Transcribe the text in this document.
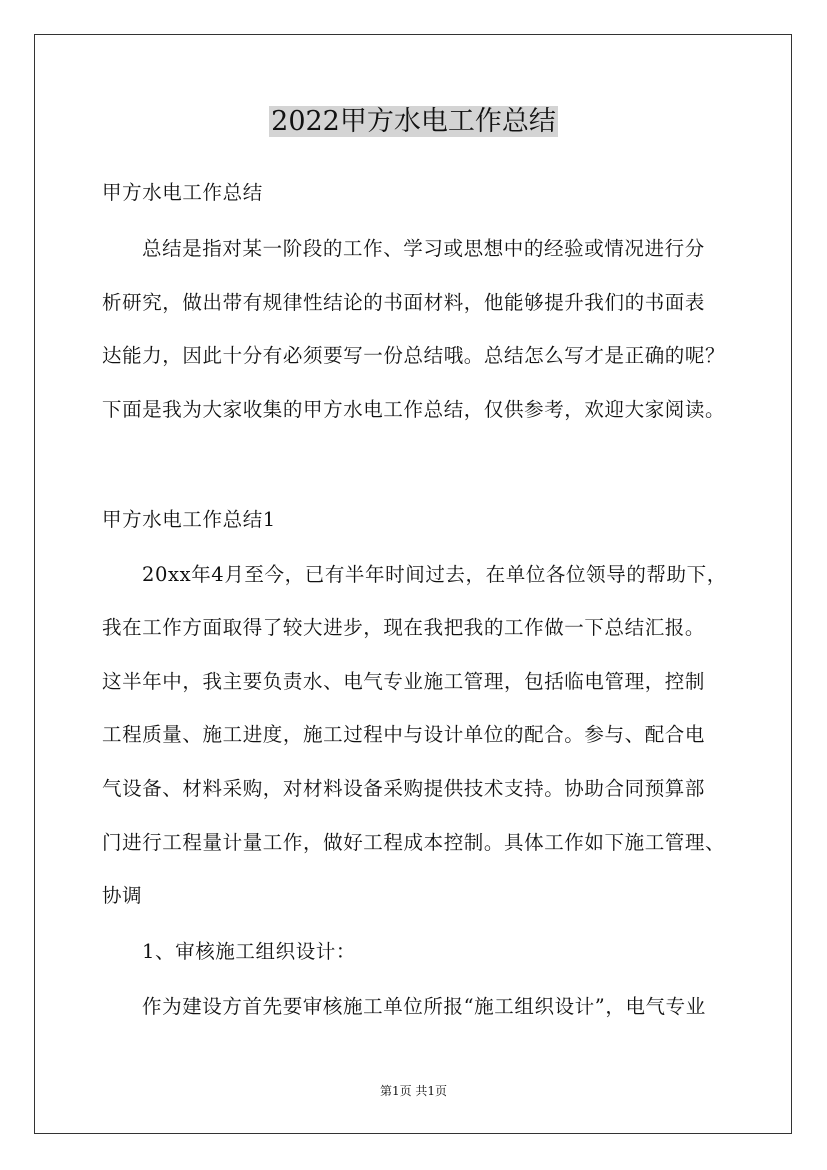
2022甲方水电工作总结
甲方水电工作总结
总结是指对某一阶段的工作、学习或思想中的经验或情况进行分
析研究，做出带有规律性结论的书面材料，他能够提升我们的书面表
达能力，因此十分有必须要写一份总结哦。总结怎么写才是正确的呢？
下面是我为大家收集的甲方水电工作总结，仅供参考，欢迎大家阅读。
甲方水电工作总结1
20xx年4月至今，已有半年时间过去，在单位各位领导的帮助下，
我在工作方面取得了较大进步，现在我把我的工作做一下总结汇报。
这半年中，我主要负责水、电气专业施工管理，包括临电管理，控制
工程质量、施工进度，施工过程中与设计单位的配合。参与、配合电
气设备、材料采购，对材料设备采购提供技术支持。协助合同预算部
门进行工程量计量工作，做好工程成本控制。具体工作如下施工管理、
协调
1、审核施工组织设计：
作为建设方首先要审核施工单位所报“施工组织设计”，电气专业
第1页 共1页
